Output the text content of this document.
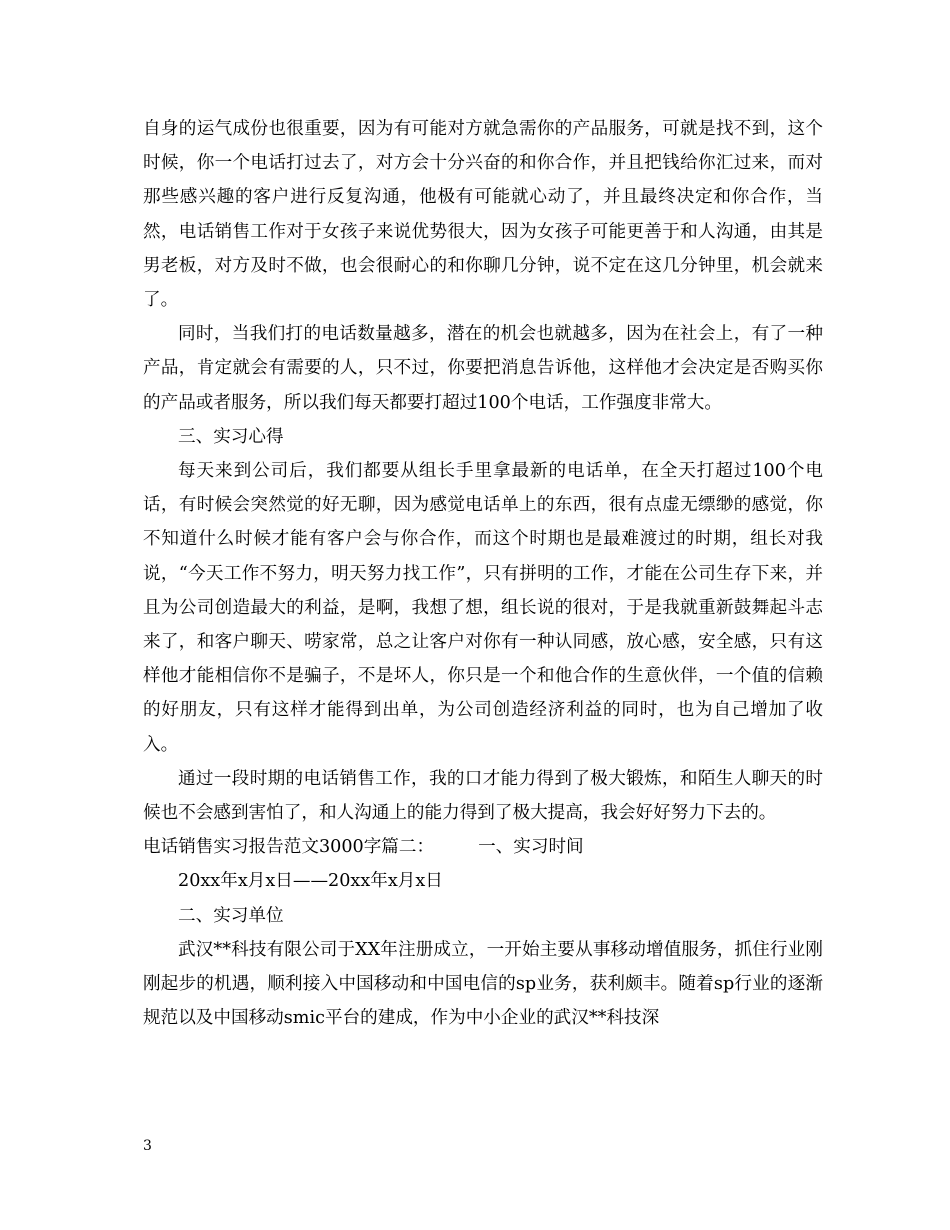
自身的运气成份也很重要，因为有可能对方就急需你的产品服务，可就是找不到，这个时候，你一个电话打过去了，对方会十分兴奋的和你合作，并且把钱给你汇过来，而对那些感兴趣的客户进行反复沟通，他极有可能就心动了，并且最终决定和你合作，当然，电话销售工作对于女孩子来说优势很大，因为女孩子可能更善于和人沟通，由其是男老板，对方及时不做，也会很耐心的和你聊几分钟，说不定在这几分钟里，机会就来了。

同时，当我们打的电话数量越多，潜在的机会也就越多，因为在社会上，有了一种产品，肯定就会有需要的人，只不过，你要把消息告诉他，这样他才会决定是否购买你的产品或者服务，所以我们每天都要打超过100个电话，工作强度非常大。

三、实习心得

每天来到公司后，我们都要从组长手里拿最新的电话单，在全天打超过100个电话，有时候会突然觉的好无聊，因为感觉电话单上的东西，很有点虚无缥缈的感觉，你不知道什么时候才能有客户会与你合作，而这个时期也是最难渡过的时期，组长对我说，“今天工作不努力，明天努力找工作”，只有拼明的工作，才能在公司生存下来，并且为公司创造最大的利益，是啊，我想了想，组长说的很对，于是我就重新鼓舞起斗志来了，和客户聊天、唠家常，总之让客户对你有一种认同感，放心感，安全感，只有这样他才能相信你不是骗子，不是坏人，你只是一个和他合作的生意伙伴，一个值的信赖的好朋友，只有这样才能得到出单，为公司创造经济利益的同时，也为自己增加了收入。

通过一段时期的电话销售工作，我的口才能力得到了极大锻炼，和陌生人聊天的时候也不会感到害怕了，和人沟通上的能力得到了极大提高，我会好好努力下去的。

电话销售实习报告范文3000字篇二：　　　一、实习时间

20xx年x月x日——20xx年x月x日

二、实习单位

武汉**科技有限公司于XX年注册成立，一开始主要从事移动增值服务，抓住行业刚刚起步的机遇，顺利接入中国移动和中国电信的sp业务，获利颇丰。随着sp行业的逐渐规范以及中国移动smic平台的建成，作为中小企业的武汉**科技深

3
